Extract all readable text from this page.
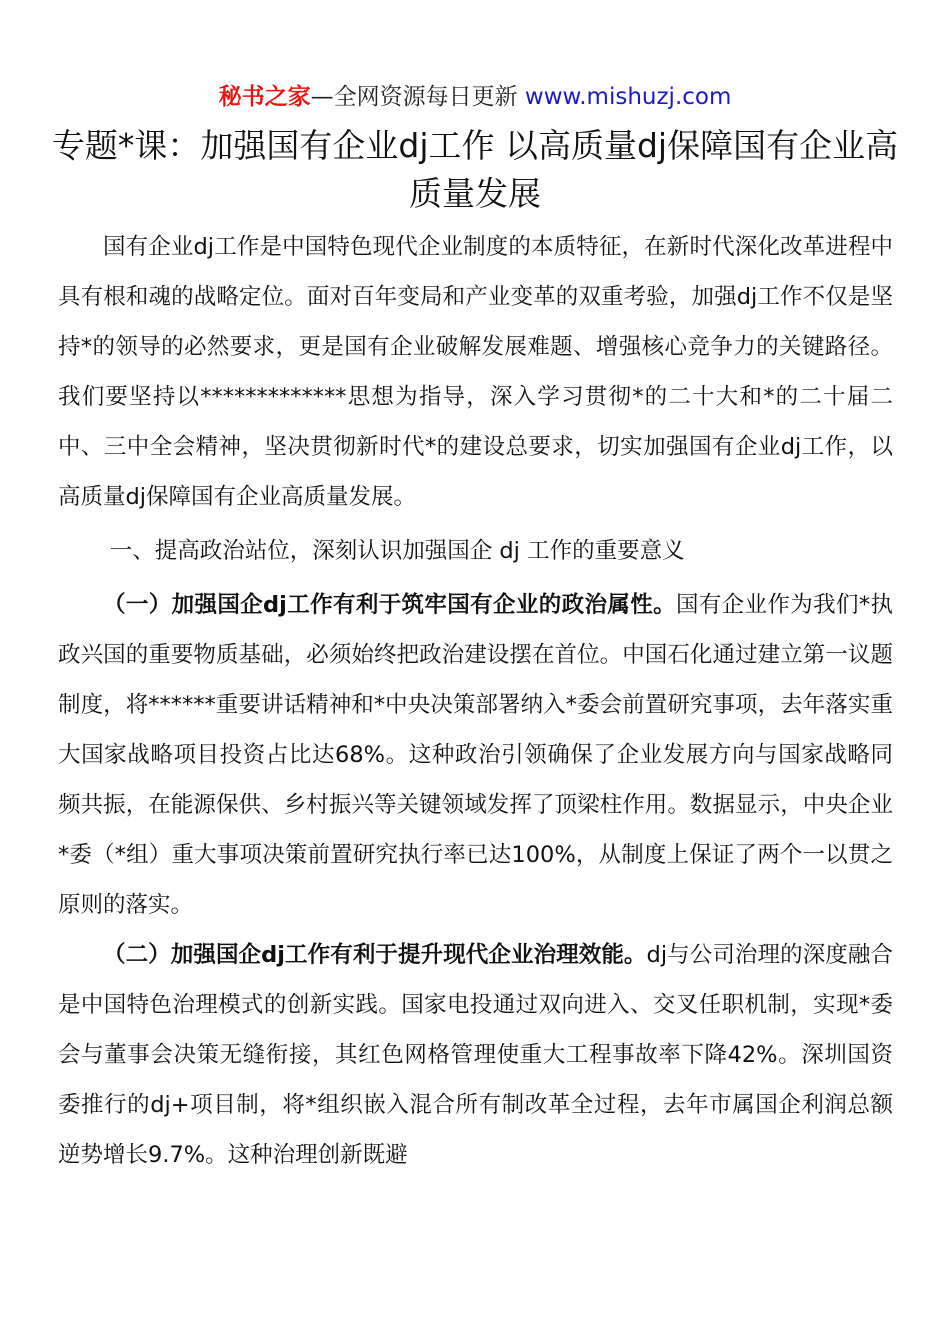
秘书之家—全网资源每日更新 www.mishuzj.com
专题*课：加强国有企业dj工作 以高质量dj保障国有企业高质量发展

国有企业dj工作是中国特色现代企业制度的本质特征，在新时代深化改革进程中具有根和魂的战略定位。面对百年变局和产业变革的双重考验，加强dj工作不仅是坚持*的领导的必然要求，更是国有企业破解发展难题、增强核心竞争力的关键路径。我们要坚持以*************思想为指导，深入学习贯彻*的二十大和*的二十届二中、三中全会精神，坚决贯彻新时代*的建设总要求，切实加强国有企业dj工作，以高质量dj保障国有企业高质量发展。

一、提高政治站位，深刻认识加强国企 dj 工作的重要意义

（一）加强国企dj工作有利于筑牢国有企业的政治属性。国有企业作为我们*执政兴国的重要物质基础，必须始终把政治建设摆在首位。中国石化通过建立第一议题制度，将******重要讲话精神和*中央决策部署纳入*委会前置研究事项，去年落实重大国家战略项目投资占比达68%。这种政治引领确保了企业发展方向与国家战略同频共振，在能源保供、乡村振兴等关键领域发挥了顶梁柱作用。数据显示，中央企业*委（*组）重大事项决策前置研究执行率已达100%，从制度上保证了两个一以贯之原则的落实。

（二）加强国企dj工作有利于提升现代企业治理效能。dj与公司治理的深度融合是中国特色治理模式的创新实践。国家电投通过双向进入、交叉任职机制，实现*委会与董事会决策无缝衔接，其红色网格管理使重大工程事故率下降42%。深圳国资委推行的dj+项目制，将*组织嵌入混合所有制改革全过程，去年市属国企利润总额逆势增长9.7%。这种治理创新既避
